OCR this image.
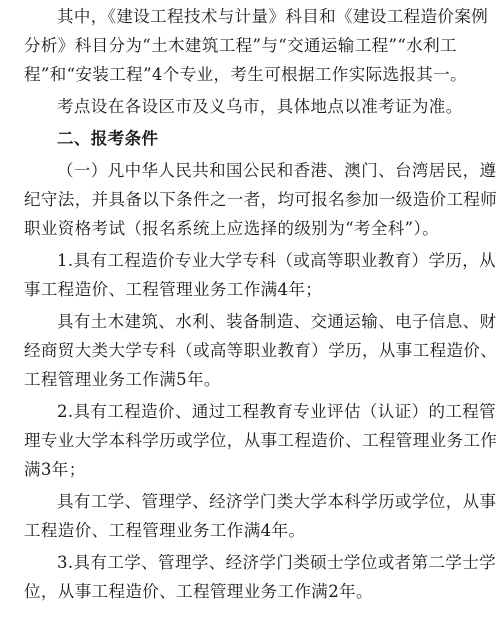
其中，《建设工程技术与计量》科目和《建设工程造价案例

分析》科目分为“土木建筑工程”与“交通运输工程”“水利工

程”和“安装工程”4个专业，考生可根据工作实际选报其一。

考点设在各设区市及义乌市，具体地点以准考证为准。

二、报考条件

（一）凡中华人民共和国公民和香港、澳门、台湾居民，遵

纪守法，并具备以下条件之一者，均可报名参加一级造价工程师

职业资格考试（报名系统上应选择的级别为“考全科”）。

1.具有工程造价专业大学专科（或高等职业教育）学历，从

事工程造价、工程管理业务工作满4年；

具有土木建筑、水利、装备制造、交通运输、电子信息、财

经商贸大类大学专科（或高等职业教育）学历，从事工程造价、

工程管理业务工作满5年。

2.具有工程造价、通过工程教育专业评估（认证）的工程管

理专业大学本科学历或学位，从事工程造价、工程管理业务工作

满3年；

具有工学、管理学、经济学门类大学本科学历或学位，从事

工程造价、工程管理业务工作满4年。

3.具有工学、管理学、经济学门类硕士学位或者第二学士学

位，从事工程造价、工程管理业务工作满2年。
